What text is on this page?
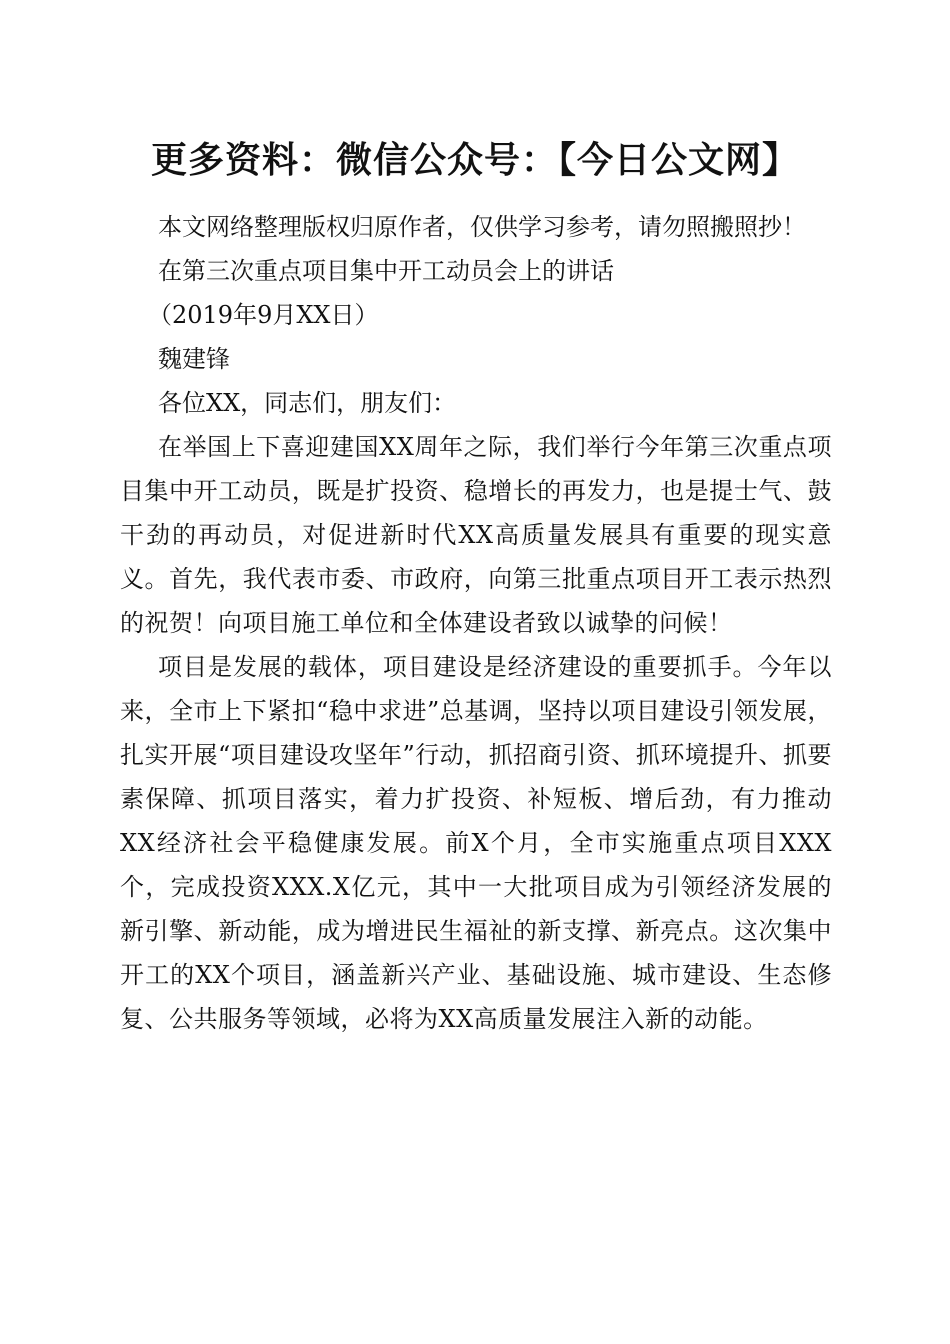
更多资料：微信公众号：【今日公文网】

本文网络整理版权归原作者，仅供学习参考，请勿照搬照抄！

在第三次重点项目集中开工动员会上的讲话

（2019年9月XX日）

魏建锋

各位XX，同志们，朋友们：

在举国上下喜迎建国XX周年之际，我们举行今年第三次重点项目集中开工动员，既是扩投资、稳增长的再发力，也是提士气、鼓干劲的再动员，对促进新时代XX高质量发展具有重要的现实意义。首先，我代表市委、市政府，向第三批重点项目开工表示热烈的祝贺！向项目施工单位和全体建设者致以诚挚的问候！

项目是发展的载体，项目建设是经济建设的重要抓手。今年以来，全市上下紧扣“稳中求进”总基调，坚持以项目建设引领发展，扎实开展“项目建设攻坚年”行动，抓招商引资、抓环境提升、抓要素保障、抓项目落实，着力扩投资、补短板、增后劲，有力推动XX经济社会平稳健康发展。前X个月，全市实施重点项目XXX个，完成投资XXX.X亿元，其中一大批项目成为引领经济发展的新引擎、新动能，成为增进民生福祉的新支撑、新亮点。这次集中开工的XX个项目，涵盖新兴产业、基础设施、城市建设、生态修复、公共服务等领域，必将为XX高质量发展注入新的动能。
